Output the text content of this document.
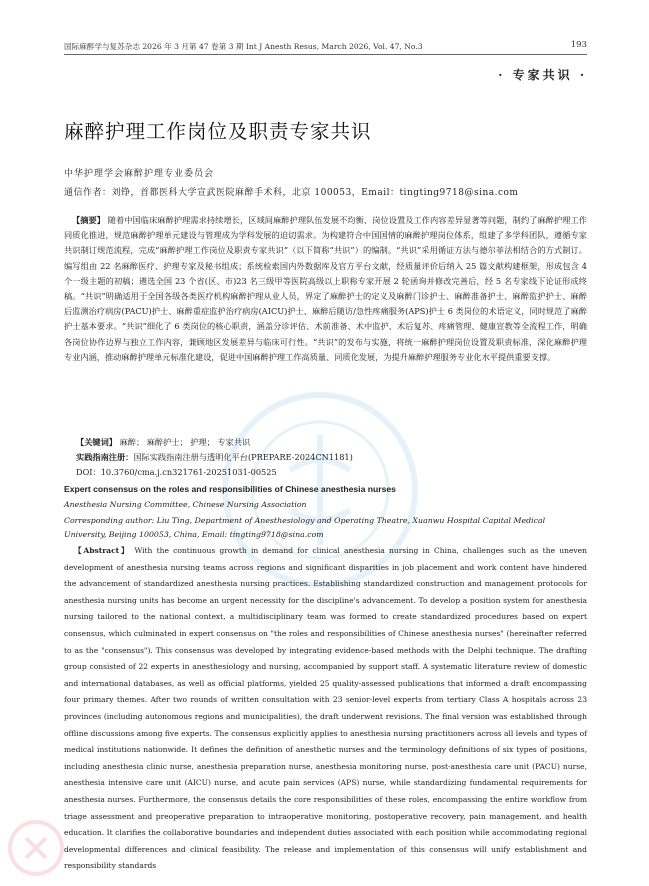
国际麻醉学与复苏杂志 2026 年 3 月第 47 卷第 3 期 Int J Anesth Resus, March 2026, Vol. 47, No.3	193
· 专家共识 ·
麻醉护理工作岗位及职责专家共识
中华护理学会麻醉护理专业委员会
通信作者：刘铮，首都医科大学宣武医院麻醉手术科，北京 100053，Email：tingting9718@sina.com
【摘要】 随着中国临床麻醉护理需求持续增长，区域间麻醉护理队伍发展不均衡、岗位设置及工作内容差异显著等问题，制约了麻醉护理工作同质化推进，规范麻醉护理单元建设与管理成为学科发展的迫切需求。为构建符合中国国情的麻醉护理岗位体系，组建了多学科团队，遵循专家共识制订规范流程，完成“麻醉护理工作岗位及职责专家共识”（以下简称“共识”）的编制。“共识”采用循证方法与德尔菲法相结合的方式制订。编写组由 22 名麻醉医疗、护理专家及秘书组成；系统检索国内外数据库及官方平台文献，经质量评价后纳入 25 篇文献构建框架，形成包含 4 个一级主题的初稿；遴选全国 23 个省(区、市)23 名三级甲等医院高级以上职称专家开展 2 轮函询并修改完善后，经 5 名专家线下论证形成终稿。“共识”明确适用于全国各级各类医疗机构麻醉护理从业人员，界定了麻醉护士的定义及麻醉门诊护士、麻醉准备护士、麻醉监护护士、麻醉后监测治疗病房(PACU)护士、麻醉重症监护治疗病房(AICU)护士、麻醉后随访/急性疼痛服务(APS)护士 6 类岗位的术语定义，同时规范了麻醉护士基本要求。“共识”细化了 6 类岗位的核心职责，涵盖分诊评估、术前准备、术中监护、术后复苏、疼痛管理、健康宣教等全流程工作，明确各岗位协作边界与独立工作内容，兼顾地区发展差异与临床可行性。“共识”的发布与实施，将统一麻醉护理岗位设置及职责标准，深化麻醉护理专业内涵，推动麻醉护理单元标准化建设，促进中国麻醉护理工作高质量、同质化发展，为提升麻醉护理服务专业化水平提供重要支撑。
【关键词】 麻醉； 麻醉护士； 护理； 专家共识
实践指南注册：国际实践指南注册与透明化平台(PREPARE-2024CN1181)
DOI：10.3760/cma.j.cn321761-20251031-00525
Expert consensus on the roles and responsibilities of Chinese anesthesia nurses
Anesthesia Nursing Committee, Chinese Nursing Association
Corresponding author: Liu Ting, Department of Anesthesiology and Operating Theatre, Xuanwu Hospital Capital Medical University, Beijing 100053, China, Email: tingting9718@sina.com
【Abstract】 With the continuous growth in demand for clinical anesthesia nursing in China, challenges such as the uneven development of anesthesia nursing teams across regions and significant disparities in job placement and work content have hindered the advancement of standardized anesthesia nursing practices. Establishing standardized construction and management protocols for anesthesia nursing units has become an urgent necessity for the discipline's advancement. To develop a position system for anesthesia nursing tailored to the national context, a multidisciplinary team was formed to create standardized procedures based on expert consensus, which culminated in expert consensus on "the roles and responsibilities of Chinese anesthesia nurses" (hereinafter referred to as the "consensus"). This consensus was developed by integrating evidence-based methods with the Delphi technique. The drafting group consisted of 22 experts in anesthesiology and nursing, accompanied by support staff. A systematic literature review of domestic and international databases, as well as official platforms, yielded 25 quality-assessed publications that informed a draft encompassing four primary themes. After two rounds of written consultation with 23 senior-level experts from tertiary Class A hospitals across 23 provinces (including autonomous regions and municipalities), the draft underwent revisions. The final version was established through offline discussions among five experts. The consensus explicitly applies to anesthesia nursing practitioners across all levels and types of medical institutions nationwide. It defines the definition of anesthetic nurses and the terminology definitions of six types of positions, including anesthesia clinic nurse, anesthesia preparation nurse, anesthesia monitoring nurse, post-anesthesia care unit (PACU) nurse, anesthesia intensive care unit (AICU) nurse, and acute pain services (APS) nurse, while standardizing fundamental requirements for anesthesia nurses. Furthermore, the consensus details the core responsibilities of these roles, encompassing the entire workflow from triage assessment and preoperative preparation to intraoperative monitoring, postoperative recovery, pain management, and health education. It clarifies the collaborative boundaries and independent duties associated with each position while accommodating regional developmental differences and clinical feasibility. The release and implementation of this consensus will unify establishment and responsibility standards
